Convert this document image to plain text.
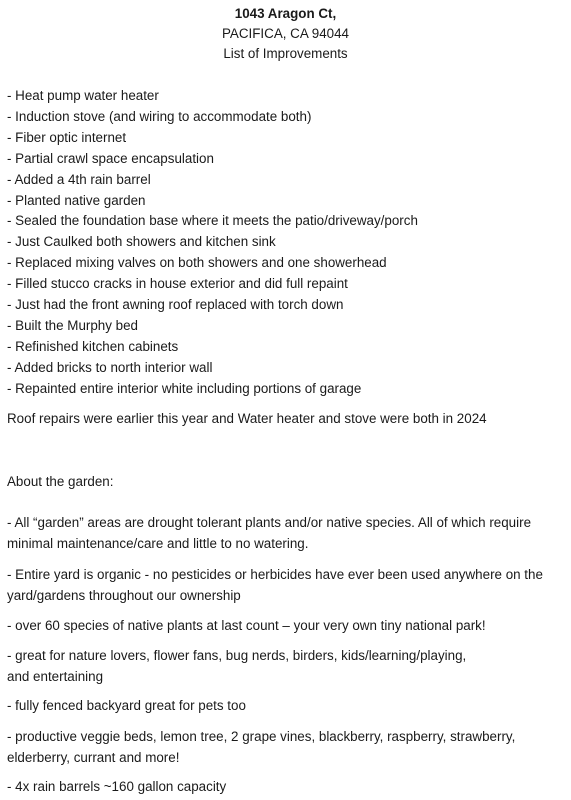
1043 Aragon Ct,
PACIFICA, CA 94044
List of Improvements
- Heat pump water heater
- Induction stove (and wiring to accommodate both)
- Fiber optic internet
- Partial crawl space encapsulation
- Added a 4th rain barrel
- Planted native garden
- Sealed the foundation base where it meets the patio/driveway/porch
- Just Caulked both showers and kitchen sink
- Replaced mixing valves on both showers and one showerhead
- Filled stucco cracks in house exterior and did full repaint
- Just had the front awning roof replaced with torch down
- Built the Murphy bed
- Refinished kitchen cabinets
- Added bricks to north interior wall
- Repainted entire interior white including portions of garage

Roof repairs were earlier this year and Water heater and stove were both in 2024

About the garden:

- All “garden” areas are drought tolerant plants and/or native species. All of which require
minimal maintenance/care and little to no watering.
- Entire yard is organic - no pesticides or herbicides have ever been used anywhere on the
yard/gardens throughout our ownership
- over 60 species of native plants at last count – your very own tiny national park!
- great for nature lovers, flower fans, bug nerds, birders, kids/learning/playing,
and entertaining
- fully fenced backyard great for pets too
- productive veggie beds, lemon tree, 2 grape vines, blackberry, raspberry, strawberry,
elderberry, currant and more!
- 4x rain barrels ~160 gallon capacity
